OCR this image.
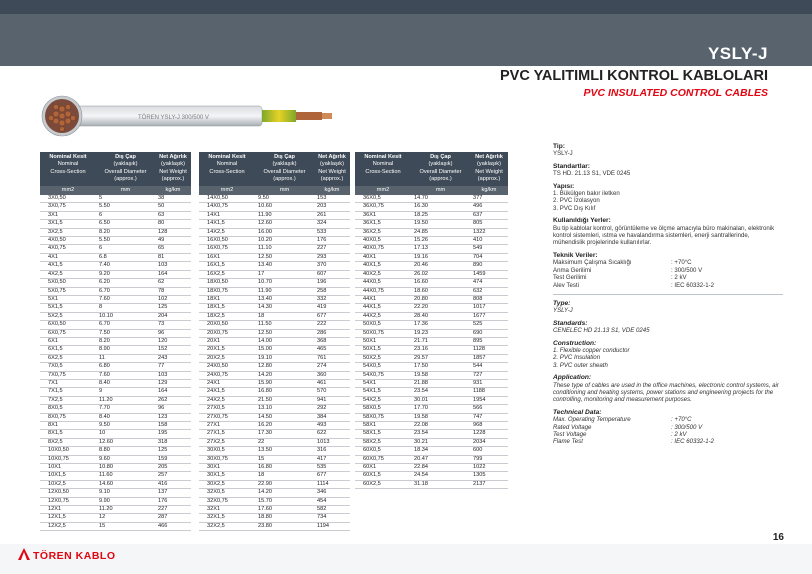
YSLY-J
PVC YALITIMLI KONTROL KABLOLARI
PVC INSULATED CONTROL CABLES
TÖREN YSLY-J 300/500 V
Nominal Kesit
Nominal
Cross-Section	Dış Çap
(yaklaşık)
Overall Diameter
(approx.)	Net Ağırlık
(yaklaşık)
Net Weight
(approx.)
mm2	mm	kg/km
3X0,50	5	38
3X0,75	5.50	50
3X1	6	63
3X1,5	6.50	80
3X2,5	8.20	128
4X0,50	5.50	49
4X0,75	6	65
4X1	6.8	81
4X1,5	7.40	103
4X2,5	9.20	164
5X0,50	6.20	62
5X0,75	6.70	78
5X1	7.60	102
5X1,5	8	125
5X2,5	10.10	204
6X0,50	6.70	73
6X0,75	7.50	96
6X1	8.20	120
6X1,5	8.90	152
6X2,5	11	243
7X0,5	6.80	77
7X0,75	7.60	103
7X1	8.40	129
7X1,5	9	164
7X2,5	11.20	262
8X0,5	7.70	96
8X0,75	8.40	123
8X1	9.50	158
8X1,5	10	195
8X2,5	12.60	318
10X0,50	8.80	125
10X0,75	9.60	159
10X1	10.80	205
10X1,5	11.60	257
10X2,5	14.60	416
12X0,50	9.10	137
12X0,75	9.90	176
12X1	11.20	227
12X1,5	12	287
12X2,5	15	466
Nominal Kesit
Nominal
Cross-Section	Dış Çap
(yaklaşık)
Overall Diameter
(approx.)	Net Ağırlık
(yaklaşık)
Net Weight
(approx.)
mm2	mm	kg/km
14X0,50	9.50	153
14X0,75	10.60	203
14X1	11.90	261
14X1,5	12.60	324
14X2,5	16.00	533
16X0,50	10.20	176
16X0,75	11.10	227
16X1	12.50	293
16X1,5	13.40	370
16X2,5	17	607
18X0,50	10.70	196
18X0,75	11.90	258
18X1	13.40	332
18X1,5	14.30	419
18X2,5	18	677
20X0,50	11.50	222
20X0,75	12.50	286
20X1	14.00	368
20X1,5	15.00	465
20X2,5	19.10	761
24X0,50	12.80	274
24X0,75	14.20	360
24X1	15.90	461
24X1,5	16.80	570
24X2,5	21.50	941
27X0,5	13.10	292
27X0,75	14.50	384
27X1	16.20	493
27X1,5	17.30	622
27X2,5	22	1013
30X0,5	13.50	316
30X0,75	15	417
30X1	16.80	535
30X1,5	18	677
30X2,5	22.90	1114
32X0,5	14.20	346
32X0,75	15.70	454
32X1	17.60	582
32X1,5	18.80	734
32X2,5	23.80	1194
Nominal Kesit
Nominal
Cross-Section	Dış Çap
(yaklaşık)
Overall Diameter
(approx.)	Net Ağırlık
(yaklaşık)
Net Weight
(approx.)
mm2	mm	kg/km
36X0,5	14.70	377
36X0,75	16.30	496
36X1	18.25	637
36X1,5	19.50	805
36X2,5	24.85	1322
40X0,5	15.26	410
40X0,75	17.13	549
40X1	19.16	704
40X1,5	20.46	890
40X2,5	26.02	1459
44X0,5	16.60	474
44X0,75	18.60	632
44X1	20.80	808
44X1,5	22.20	1017
44X2,5	28.40	1677
50X0,5	17.36	525
50X0,75	19.23	690
50X1	21.71	895
50X1,5	23.16	1128
50X2,5	29.57	1857
54X0,5	17.50	544
54X0,75	19.58	727
54X1	21.88	931
54X1,5	23.54	1188
54X2,5	30.01	1954
58X0,5	17.70	566
58X0,75	19.58	747
58X1	22.08	968
58X1,5	23.54	1228
58X2,5	30.21	2034
60X0,5	18.34	600
60X0,75	20.47	799
60X1	22.84	1022
60X1,5	24.54	1305
60X2,5	31.18	2137
Tip:
YSLY-J
Standartlar:
TS HD. 21.13 S1, VDE 0245
Yapısı:
1. Bükülgen bakır iletken
2. PVC İzolasyon
3. PVC Dış Kılıf
Kullanıldığı Yerler:
Bu tip kablolar kontrol, görüntüleme ve ölçme amacıyla büro makinaları, elektronik kontrol sistemleri, ıstma ve havalandırma sistemleri, enerji santrallerinde, mühendislik projelerinde kullanılırlar.
Teknik Veriler:
Maksimum Çalışma Sıcaklığı	: +70°C
Anma Gerilimi	: 300/500 V
Test Gerilimi	: 2 kV
Alev Testi	: IEC 60332-1-2
Type:
YSLY-J
Standards:
CENELEC HD 21.13 S1, VDE 0245
Construction:
1. Flexible copper conductor
2. PVC Insulation
3. PVC outer sheath
Application:
These type of cables are used in the office machines, electronic control systems, air conditioning and heating systems, power stations and engineering projects for the controlling, monitoring and measurement purposes.
Technical Data:
Max. Operating Temperature	: +70°C
Rated Voltage	: 300/500 V
Test Voltage	: 2 kV
Flame Test	: IEC 60332-1-2
16
TÖREN KABLO
